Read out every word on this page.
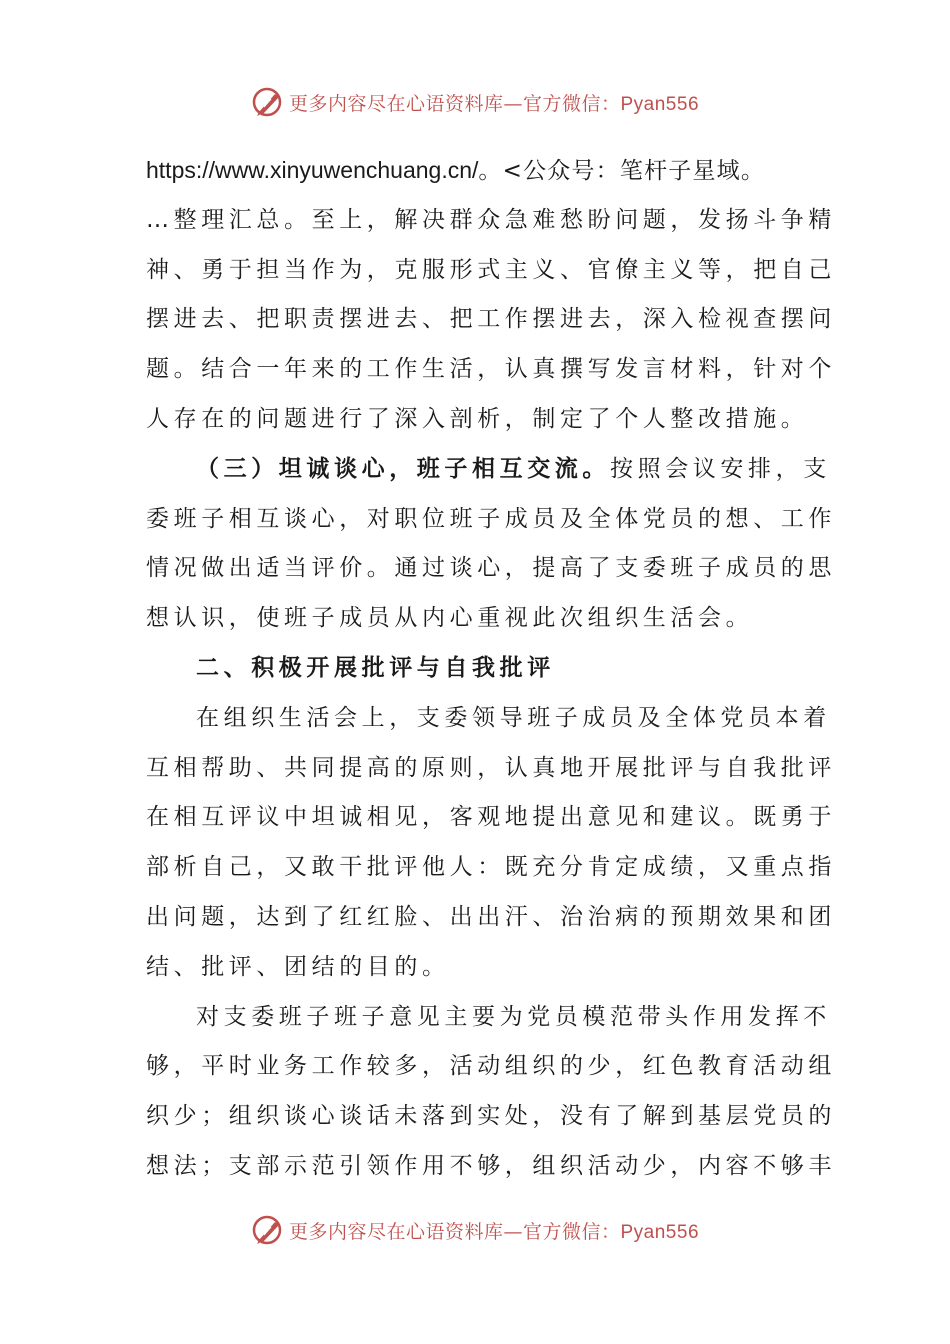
更多内容尽在心语资料库—官方微信：Pyan556
https://www.xinyuwenchuang.cn/。<公众号：笔杆子星域。
…整理汇总。至上，解决群众急难愁盼问题，发扬斗争精
神、勇于担当作为，克服形式主义、官僚主义等，把自己
摆进去、把职责摆进去、把工作摆进去，深入检视查摆问
题。结合一年来的工作生活，认真撰写发言材料，针对个
人存在的问题进行了深入剖析，制定了个人整改措施。
（三）坦诚谈心，班子相互交流。按照会议安排，支
委班子相互谈心，对职位班子成员及全体党员的想、工作
情况做出适当评价。通过谈心，提高了支委班子成员的思
想认识，使班子成员从内心重视此次组织生活会。
二、积极开展批评与自我批评
在组织生活会上，支委领导班子成员及全体党员本着
互相帮助、共同提高的原则，认真地开展批评与自我批评
在相互评议中坦诚相见，客观地提出意见和建议。既勇于
部析自己，又敢干批评他人：既充分肯定成绩，又重点指
出问题，达到了红红脸、出出汗、治治病的预期效果和团
结、批评、团结的目的。
对支委班子班子意见主要为党员模范带头作用发挥不
够，平时业务工作较多，活动组织的少，红色教育活动组
织少；组织谈心谈话未落到实处，没有了解到基层党员的
想法；支部示范引领作用不够，组织活动少，内容不够丰
更多内容尽在心语资料库—官方微信：Pyan556
